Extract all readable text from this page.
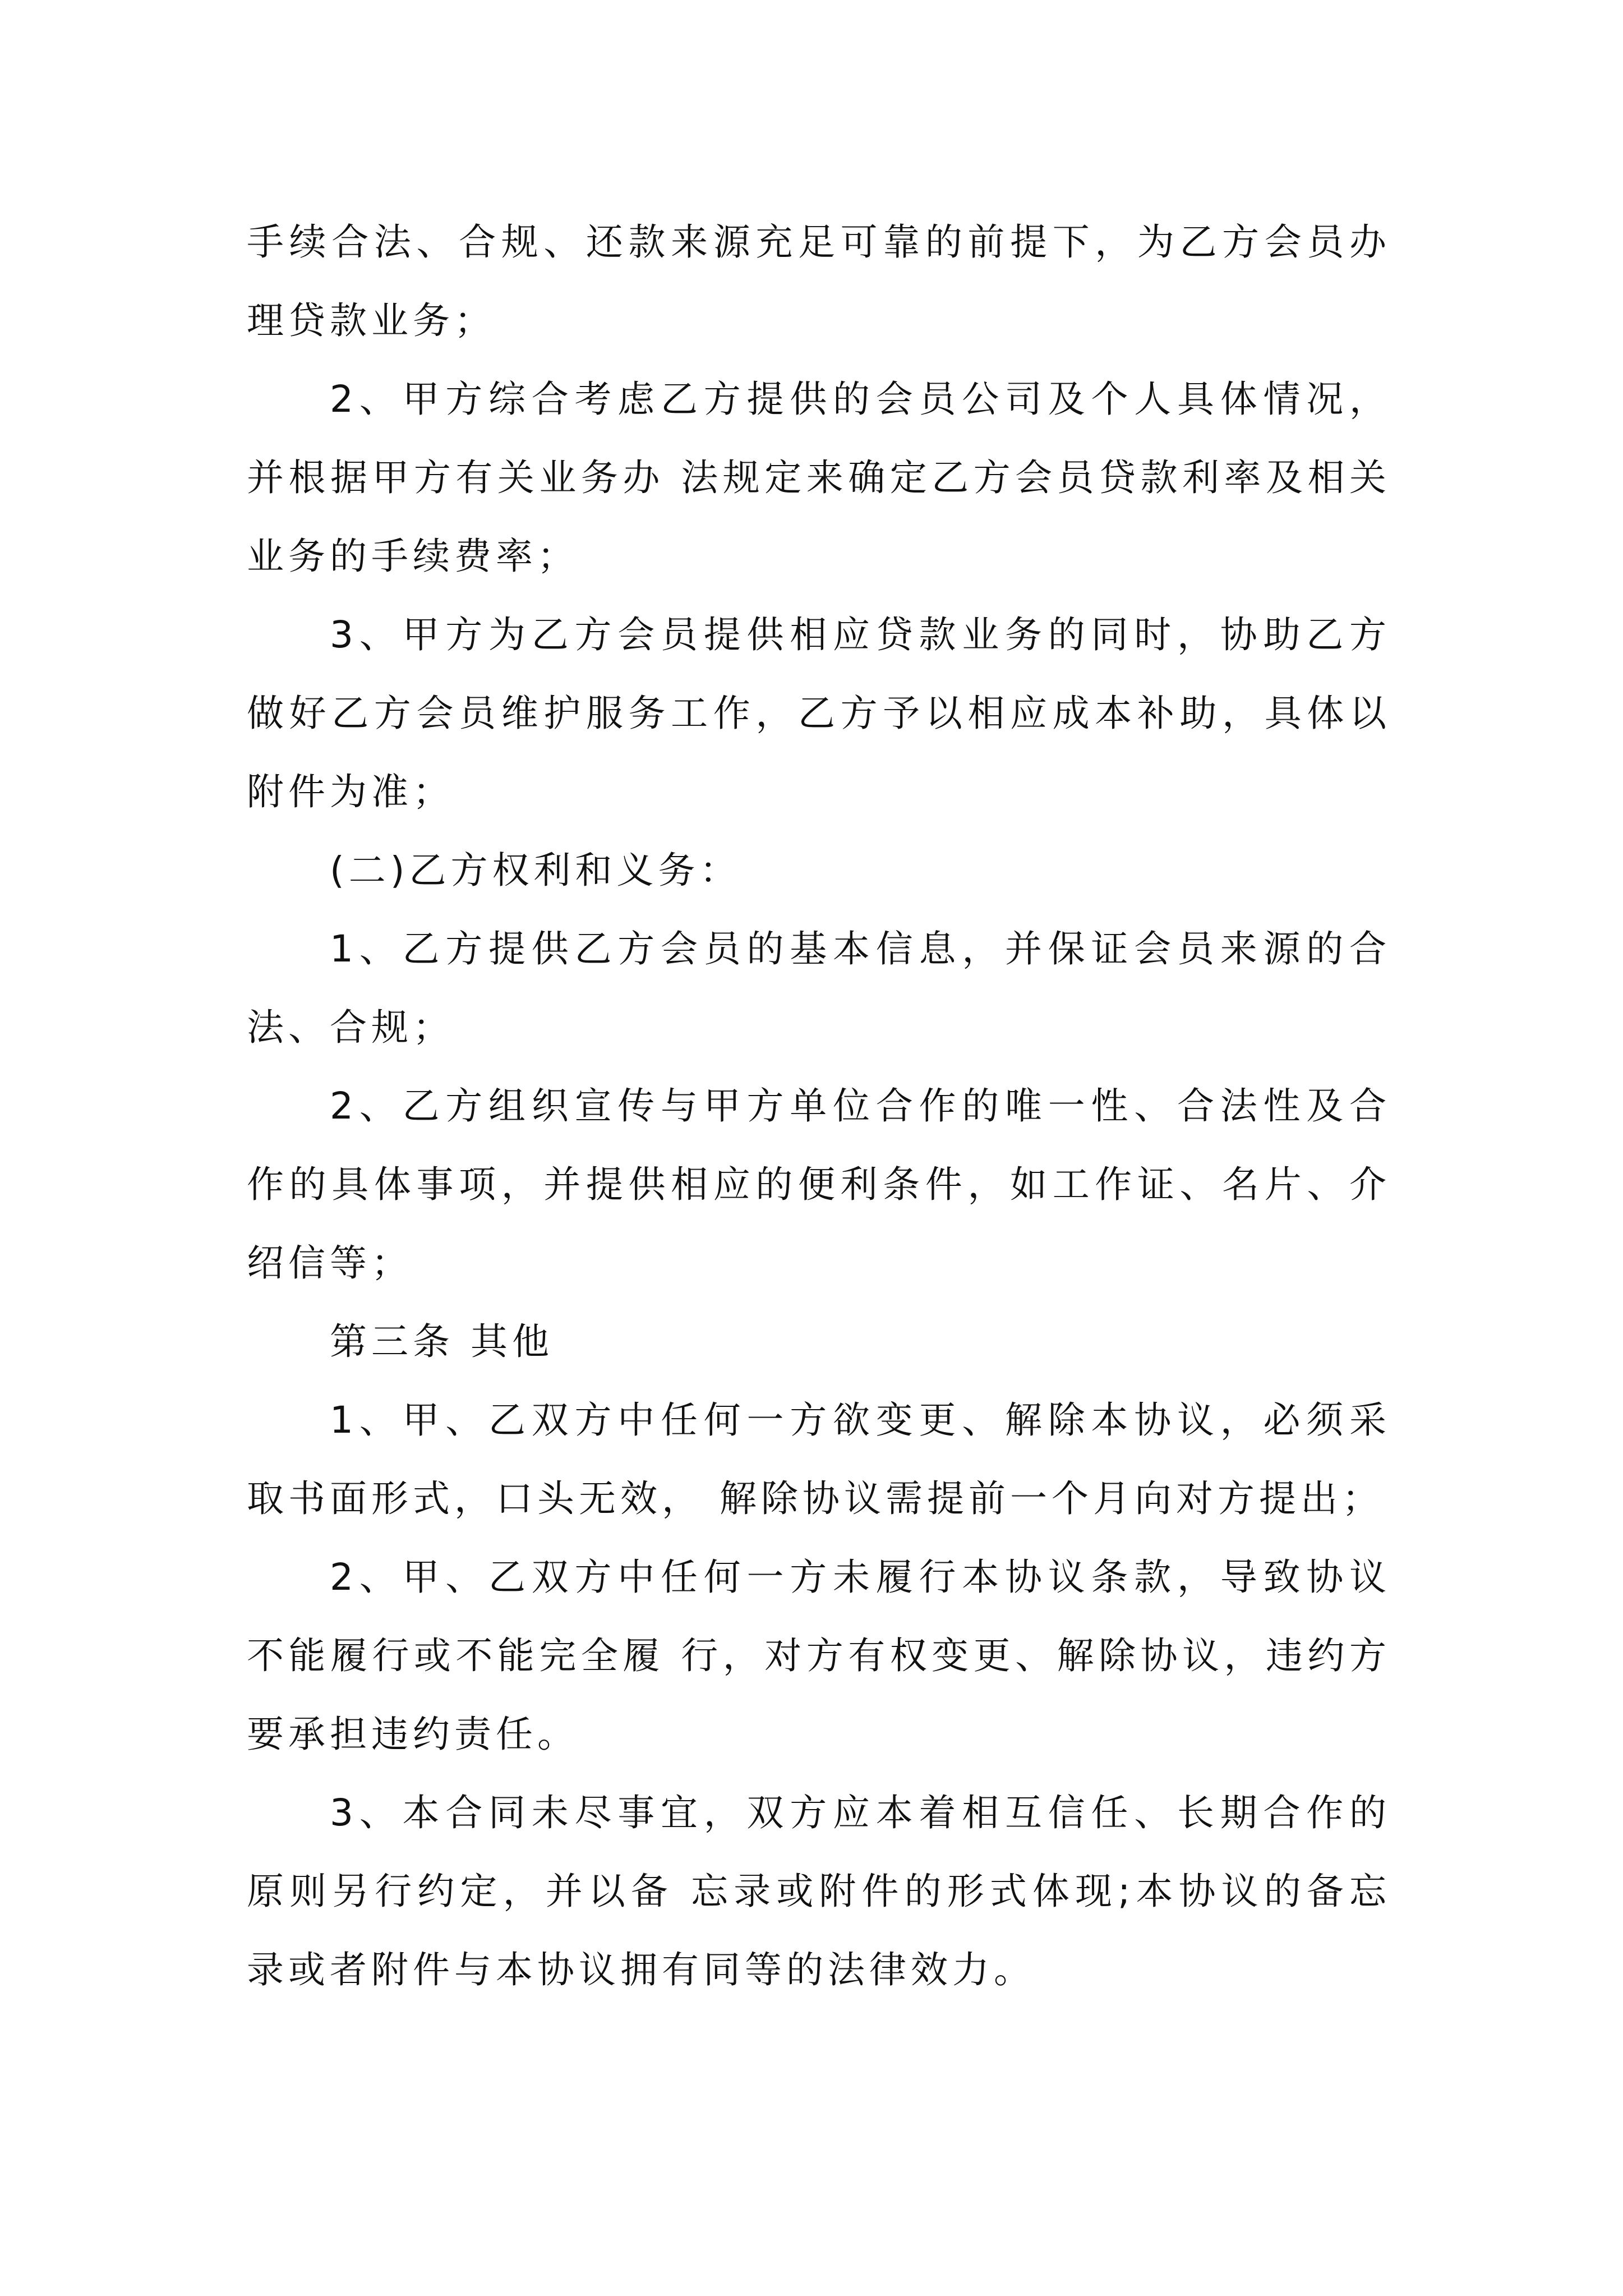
手续合法、合规、还款来源充足可靠的前提下，为乙方会员办理贷款业务；

2、甲方综合考虑乙方提供的会员公司及个人具体情况，并根据甲方有关业务办 法规定来确定乙方会员贷款利率及相关业务的手续费率；

3、甲方为乙方会员提供相应贷款业务的同时，协助乙方做好乙方会员维护服务工作，乙方予以相应成本补助，具体以附件为准；

(二)乙方权利和义务：

1、乙方提供乙方会员的基本信息，并保证会员来源的合法、合规；

2、乙方组织宣传与甲方单位合作的唯一性、合法性及合作的具体事项，并提供相应的便利条件，如工作证、名片、介绍信等；

第三条 其他

1、甲、乙双方中任何一方欲变更、解除本协议，必须采取书面形式，口头无效， 解除协议需提前一个月向对方提出；

2、甲、乙双方中任何一方未履行本协议条款，导致协议不能履行或不能完全履 行，对方有权变更、解除协议，违约方要承担违约责任。

3、本合同未尽事宜，双方应本着相互信任、长期合作的原则另行约定，并以备 忘录或附件的形式体现;本协议的备忘录或者附件与本协议拥有同等的法律效力。
